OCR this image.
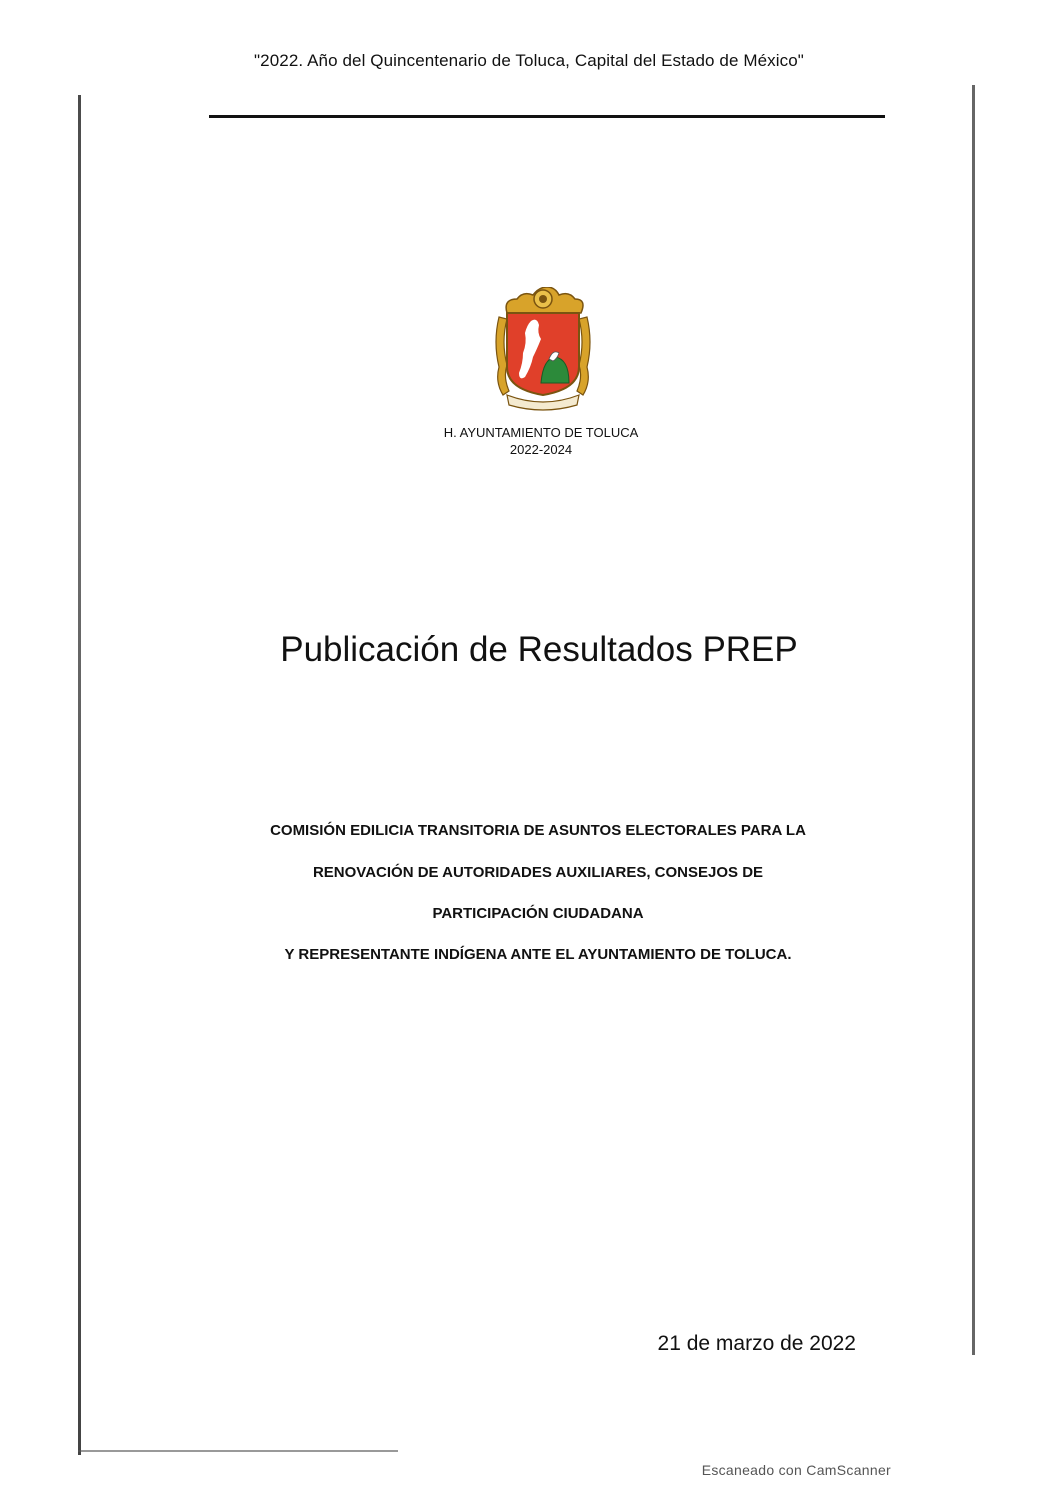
"2022. Año del Quincentenario de Toluca, Capital del Estado de México"
H. AYUNTAMIENTO DE TOLUCA
2022-2024
Publicación de Resultados PREP
COMISIÓN EDILICIA TRANSITORIA DE ASUNTOS ELECTORALES PARA LA
RENOVACIÓN DE AUTORIDADES AUXILIARES, CONSEJOS DE
PARTICIPACIÓN CIUDADANA
Y REPRESENTANTE INDÍGENA ANTE EL AYUNTAMIENTO DE TOLUCA.
21 de marzo de 2022
Escaneado con CamScanner
